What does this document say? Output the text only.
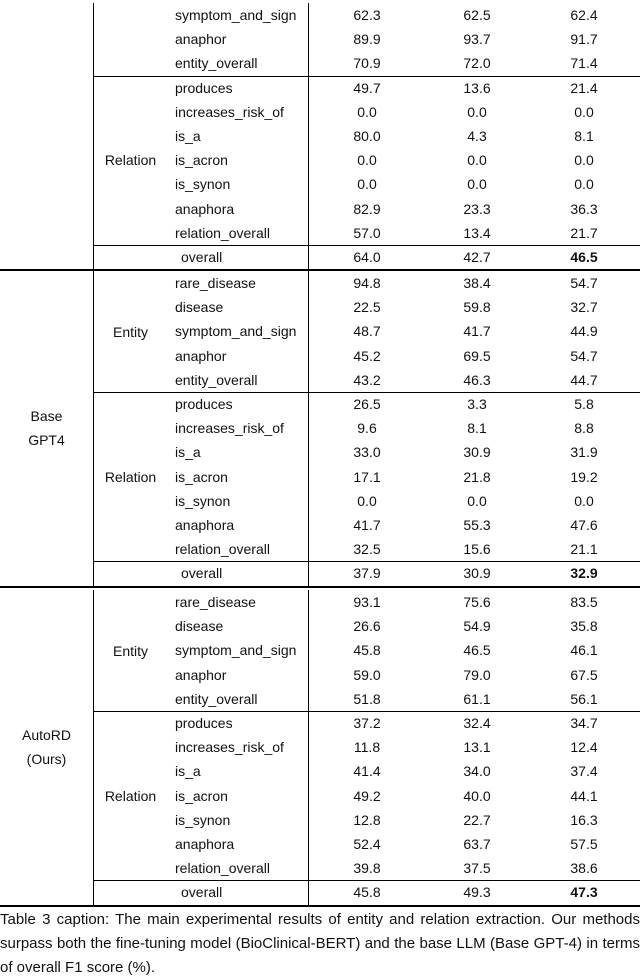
symptom_and_sign	62.3	62.5	62.4
anaphor	89.9	93.7	91.7
entity_overall	70.9	72.0	71.4
produces	49.7	13.6	21.4
increases_risk_of	0.0	0.0	0.0
is_a	80.0	4.3	8.1
is_acron	0.0	0.0	0.0
is_synon	0.0	0.0	0.0
anaphora	82.9	23.3	36.3
relation_overall	57.0	13.4	21.7
Relation
overall	64.0	42.7	46.5
rare_disease	94.8	38.4	54.7
disease	22.5	59.8	32.7
symptom_and_sign	48.7	41.7	44.9
anaphor	45.2	69.5	54.7
entity_overall	43.2	46.3	44.7
Entity
produces	26.5	3.3	5.8
increases_risk_of	9.6	8.1	8.8
is_a	33.0	30.9	31.9
is_acron	17.1	21.8	19.2
is_synon	0.0	0.0	0.0
anaphora	41.7	55.3	47.6
relation_overall	32.5	15.6	21.1
Relation
overall	37.9	30.9	32.9
Base
GPT4
rare_disease	93.1	75.6	83.5
disease	26.6	54.9	35.8
symptom_and_sign	45.8	46.5	46.1
anaphor	59.0	79.0	67.5
entity_overall	51.8	61.1	56.1
Entity
produces	37.2	32.4	34.7
increases_risk_of	11.8	13.1	12.4
is_a	41.4	34.0	37.4
is_acron	49.2	40.0	44.1
is_synon	12.8	22.7	16.3
anaphora	52.4	63.7	57.5
relation_overall	39.8	37.5	38.6
Relation
overall	45.8	49.3	47.3
AutoRD
(Ours)
Table 3 caption: The main experimental results of entity and relation extraction. Our methods surpass both the fine-tuning model (BioClinical-BERT) and the base LLM (Base GPT-4) in terms of overall F1 score (%).
